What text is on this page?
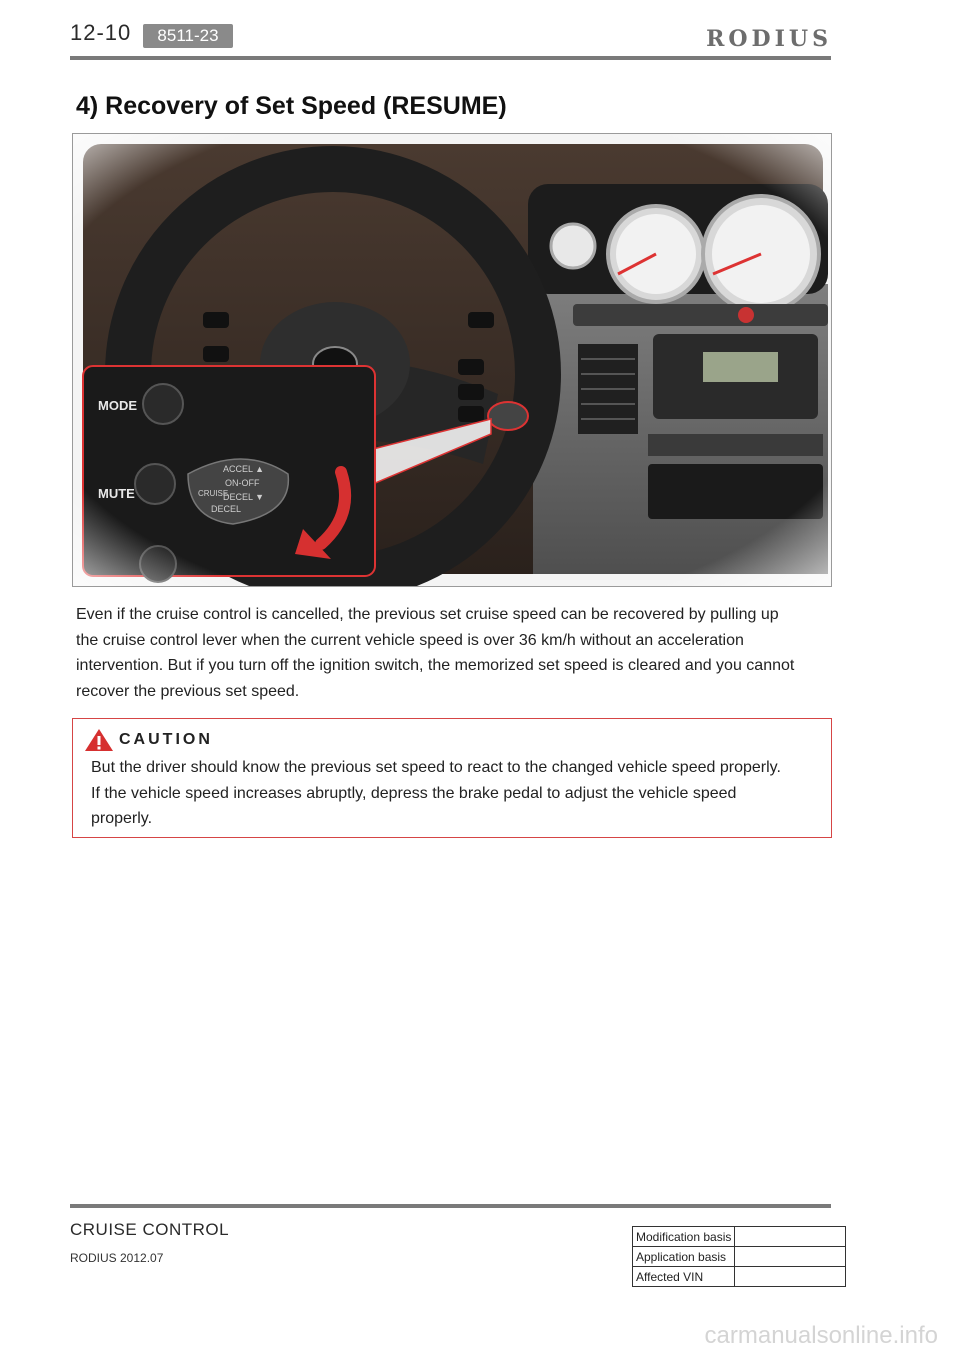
12-10	8511-23	RODIUS
4) Recovery of Set Speed (RESUME)
Even if the cruise control is cancelled, the previous set cruise speed can be recovered by pulling up the cruise control lever when the current vehicle speed is over 36 km/h without an acceleration intervention. But if you turn off the ignition switch, the memorized set speed is cleared and you cannot recover the previous set speed.
CAUTION
But the driver should know the previous set speed to react to the changed vehicle speed properly. If the vehicle speed increases abruptly, depress the brake pedal to adjust the vehicle speed properly.
CRUISE CONTROL
RODIUS 2012.07
Modification basis	
Application basis	
Affected VIN	
carmanualsonline.info
